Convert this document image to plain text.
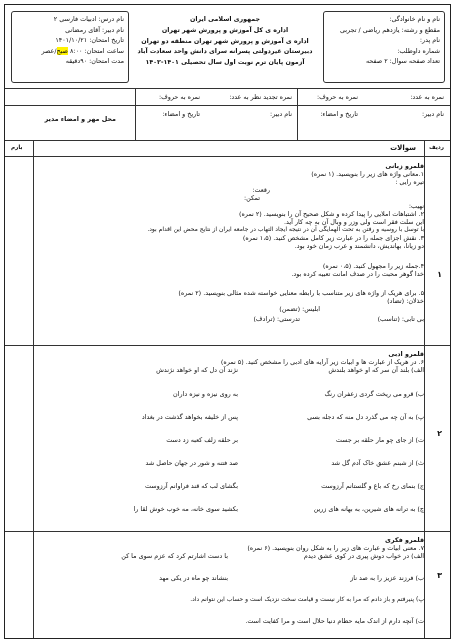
نام درس: ادبیات فارسی ۲
نام دبیر: آقای رمضانی
تاریخ امتحان: ۱۴۰۱/۱۰/۲۱
ساعت امتحان: ۸:۰۰ صبح/عصر
مدت امتحان: ۹۰دقیقه
جمهوری اسلامی ایران
اداره ی کل آموزش و پرورش شهر تهران
اداره ی آموزش و پرورش شهر تهران منطقه دو تهران
دبیرستان غیردولتی پسرانه سرای دانش واحد سعادت آباد
آزمون پایان ترم نوبت اول سال تحصیلی ۱۴۰۱-۱۴۰۲
نام و نام خانوادگی:
مقطع و رشته: یازدهم ریاضی / تجربی
نام پدر:
شماره داوطلب:
تعداد صفحه سوال: ۲ صفحه
نمره به عدد:
نمره به حروف:
نام دبیر:
تاریخ و امضاء:
نمره تجدید نظر به عدد:
نمره به حروف:
نام دبیر:
تاریخ و امضاء:
محل مهر و امضاء مدیر
ردیف
سوالات
بارم
۱
قلمرو زبانی
۱.معانی واژه های زیر را بنویسید. (۱ نمره)
تیره رایی :
رقعت:
تمکن:
نهیب:
۲. اشتباهات املایی را پیدا کرده و شکل صحیح آن را بنویسید. (۲ نمره)
این سلت فقر است ولی وزر و وبال آن به چه کار آید.
با توسل با روسیه و رفتن به تحت الهمایگی آن در نتیجه ایجاد التهاب در جامعه ایران از نتایج محض این اقدام بود.
۳. نقش اجزای جمله را در عبارت زیر کامل مشخص کنید. (۱،۵ نمره)
دو زیانا، بهاندیش، دانشمند و عرب زمان خود بود.
۴.جمله زیر را مجهول کنید. (۰،۵ نمره)
خدا گوهر محبت را در صدف امانت تعبیه کرده بود.
۵. برای هریک از واژه های زیر متناسب با رابطه معنایی خواسته شده مثالی بنویسید. (۲ نمره)
خذلان: (تضاد)
ابلیس: (تضمن)
بی تابی: (تناسب)
تدرستی: (ترادف)
۲
قلمرو ادبی
۶. در هریک از عبارت ها و ابیات زیر آرایه های ادبی را مشخص کنید. (۵ نمره)
الف) بلند آن سر که او خواهد بلندش
نژند آن دل که او خواهد نژندش
ب) قرو می ریخت گردی زعفران رنگ
به روی نیزه و نیزه داران
پ) به آن چه می گذرد دل منه که دجله بسی
پس از خلیفه بخواهد گذشت در بغداد
ت) از جای چو مار حلقه بر جست
بر حلقه زلف کعبه زد دست
ث) از شبنم عشق خاک آدم گل شد
صد فتنه و شور در جهان حاصل شد
ج) بنمای رخ که باغ و گلستانم آرزوست
بگشای لب که قند فراوانم آرزوست
چ) به ترانه های شیرین، به بهانه های زرین
بکشید سوی خانه، مه خوب خوش لقا را
۳
قلمرو فکری
۷. معنی ابیات و عبارت های زیر را به شکل روان بنویسید. (۶ نمره)
الف) در خواب دوش پیری در کوی عشق دیدم
با دست اشارتم کرد که عزم سوی ما کن
ب) فرزند عزیز را به صد ناز
بنشاند چو ماه در یکی مهد
پ) پنیرفتم و باز دادم که مرا به کار نیست و قیامت سخت نزدیک است و حساب این نتوانم داد.
ت) آنچه دارم از اندک مایه حطام دنیا حلال است و مرا کفایت است.
